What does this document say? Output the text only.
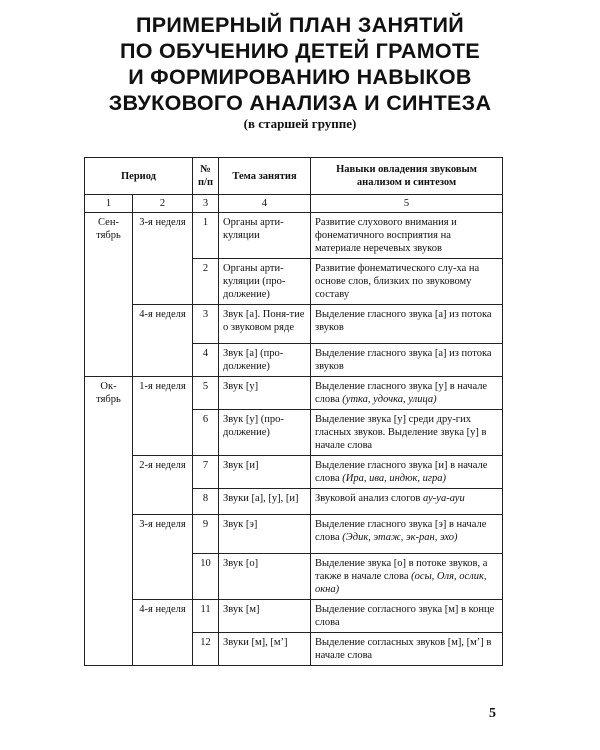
ПРИМЕРНЫЙ ПЛАН ЗАНЯТИЙ
ПО ОБУЧЕНИЮ ДЕТЕЙ ГРАМОТЕ
И ФОРМИРОВАНИЮ НАВЫКОВ
ЗВУКОВОГО АНАЛИЗА И СИНТЕЗА
(в старшей группе)
Период		№ п/п	Тема занятия	Навыки овладения звуковым анализом и синтезом
1	2	3	4	5
Сен-тябрь	3-я неделя	1	Органы арти-куляции	Развитие слухового внимания и фонематичного восприятия на материале неречевых звуков
		2	Органы арти-куляции (про-должение)	Развитие фонематического слу-ха на основе слов, близких по звуковому составу
	4-я неделя	3	Звук [а]. Поня-тие о звуковом ряде	Выделение гласного звука [а] из потока звуков
		4	Звук [а] (про-должение)	Выделение гласного звука [а] из потока звуков
Ок-тябрь	1-я неделя	5	Звук [у]	Выделение гласного звука [у] в начале слова (утка, удочка, улица)
		6	Звук [у] (про-должение)	Выделение звука [у] среди дру-гих гласных звуков. Выделение звука [у] в начале слова
	2-я неделя	7	Звук [и]	Выделение гласного звука [и] в начале слова (Ира, ива, индюк, игра)
		8	Звуки [а], [у], [и]	Звуковой анализ слогов ау-уа-ауи
	3-я неделя	9	Звук [э]	Выделение гласного звука [э] в начале слова (Эдик, этаж, эк-ран, эхо)
		10	Звук [о]	Выделение звука [о] в потоке звуков, а также в начале слова (осы, Оля, ослик, окна)
	4-я неделя	11	Звук [м]	Выделение согласного звука [м] в конце слова
		12	Звуки [м], [м’]	Выделение согласных звуков [м], [м’] в начале слова
5
